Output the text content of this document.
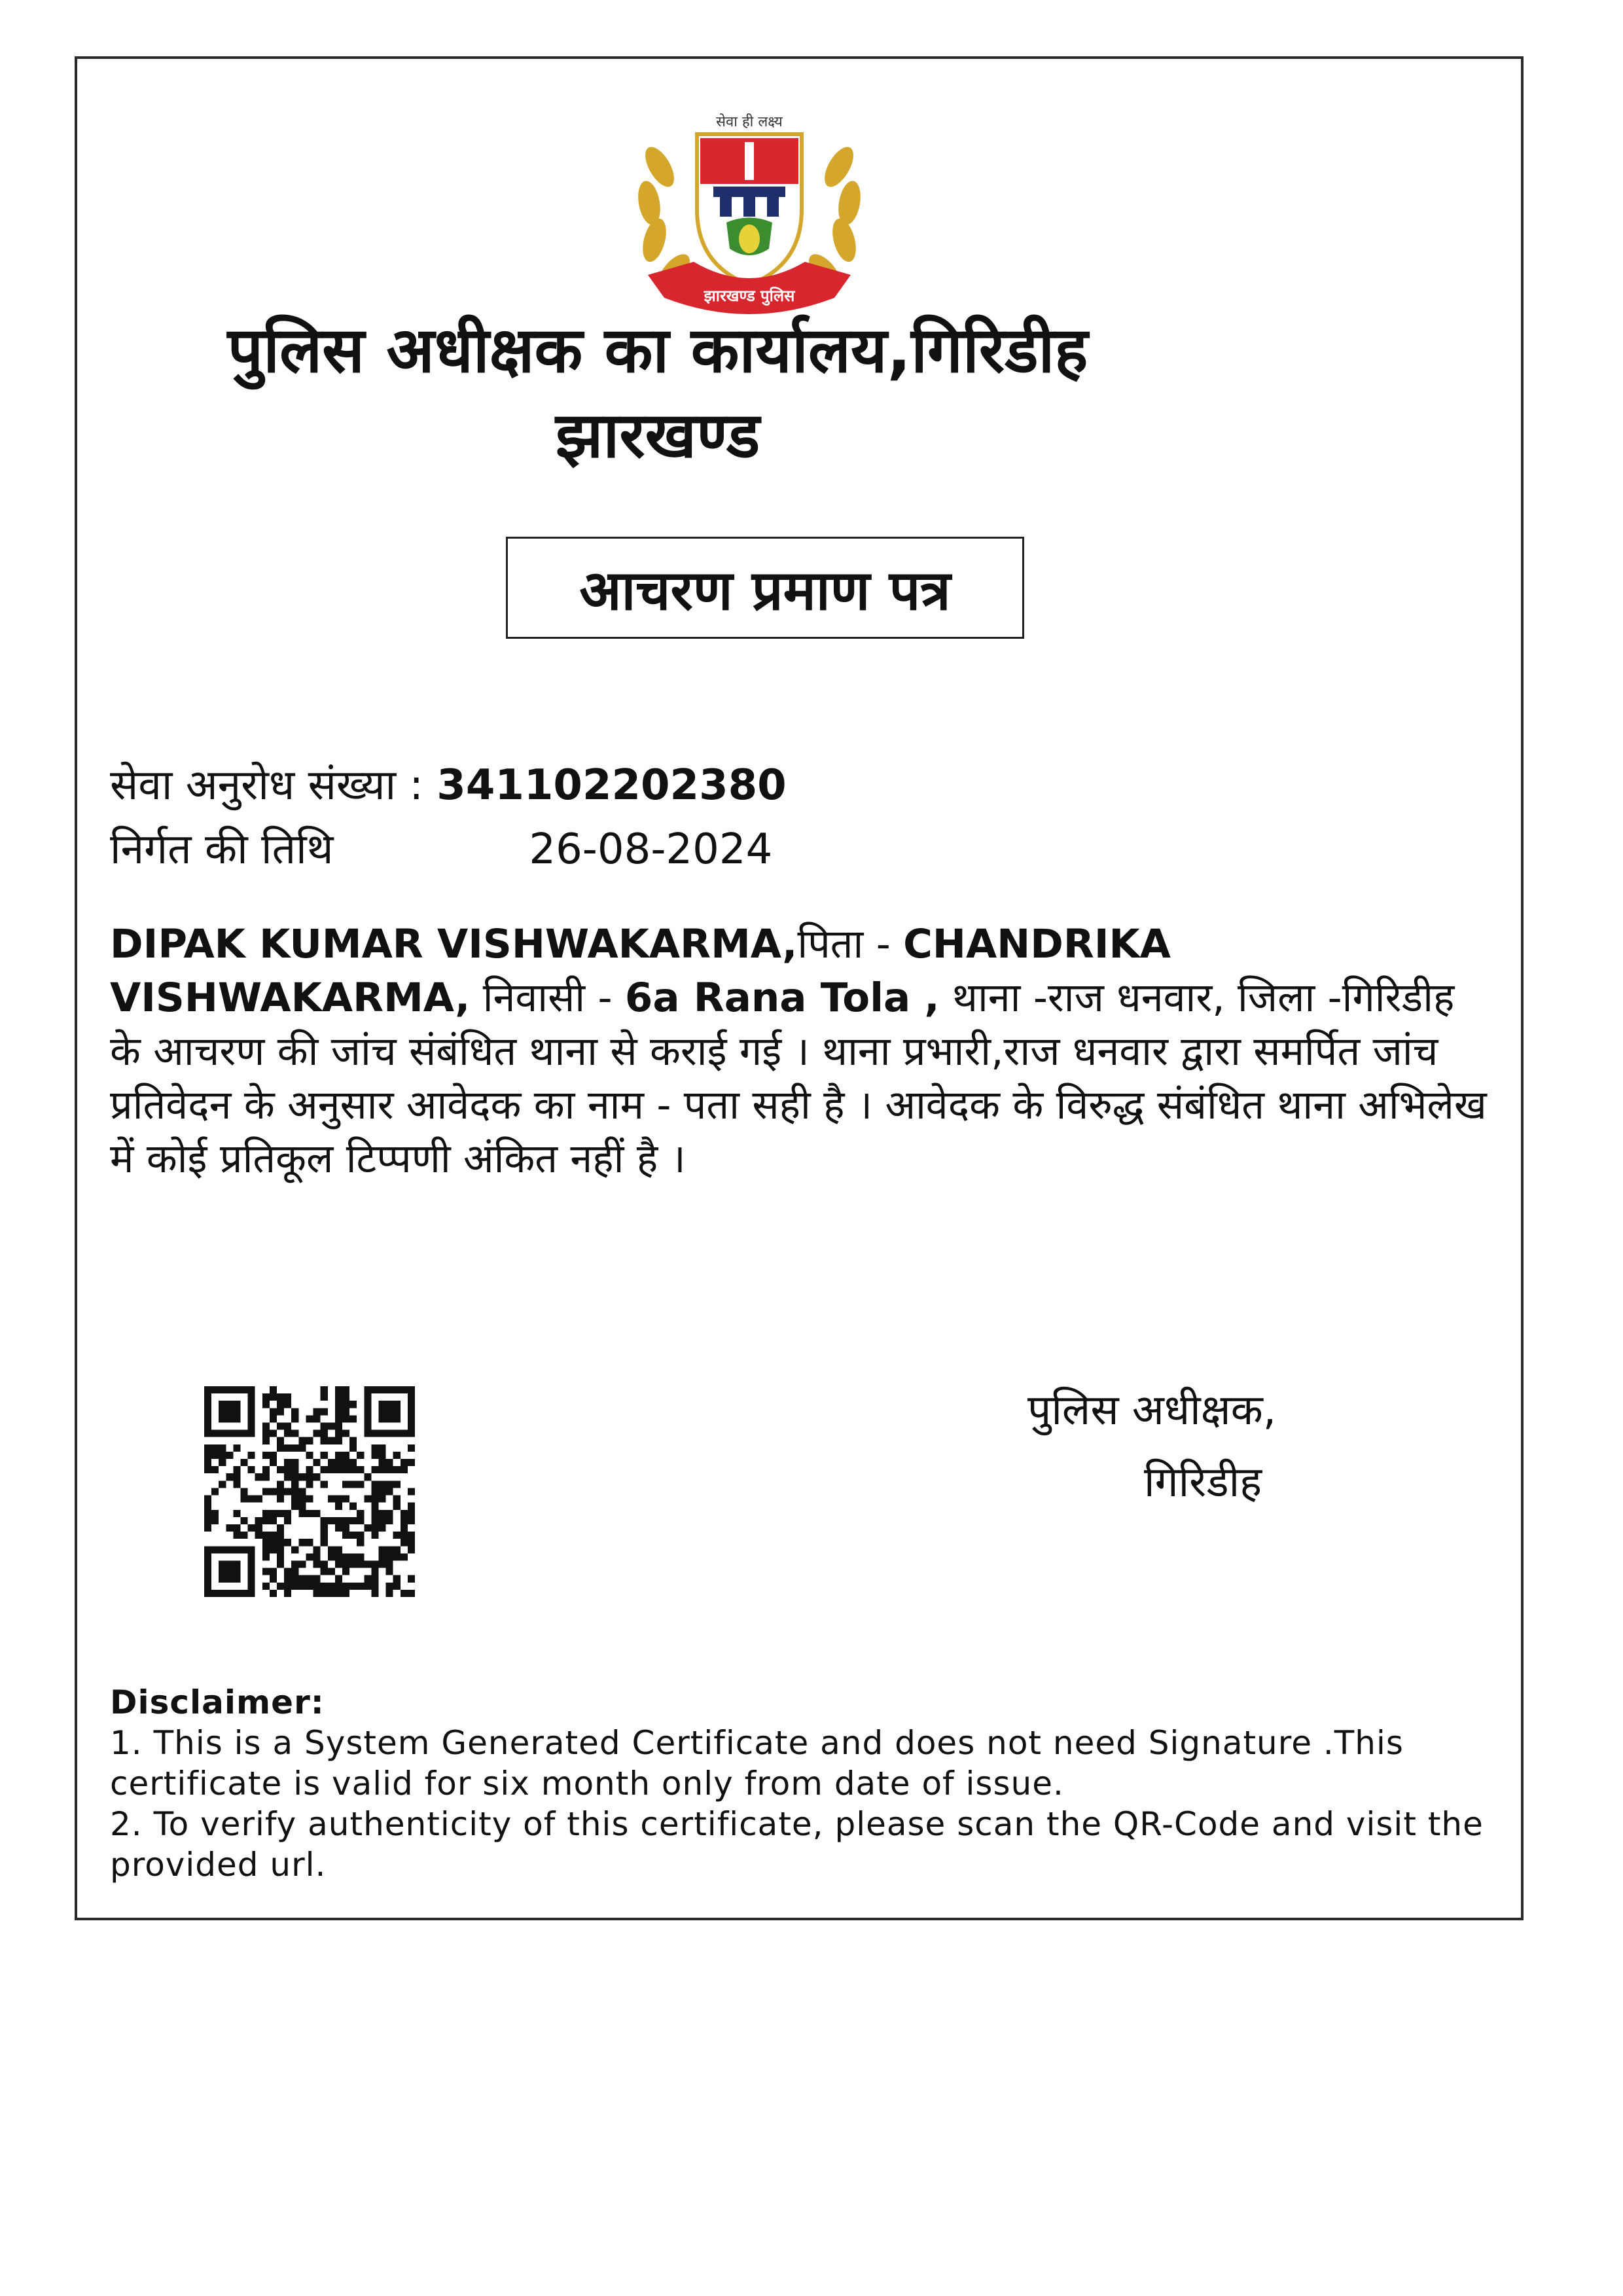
सेवा ही लक्ष्य
झारखण्ड पुलिस
पुलिस अधीक्षक का कार्यालय,गिरिडीह
झारखण्ड
आचरण प्रमाण पत्र
सेवा अनुरोध संख्या : 341102202380
निर्गत की तिथि	26-08-2024
DIPAK KUMAR VISHWAKARMA,पिता - CHANDRIKA VISHWAKARMA, निवासी - 6a Rana Tola , थाना -राज धनवार, जिला -गिरिडीह के आचरण की जांच संबंधित थाना से कराई गई । थाना प्रभारी,राज धनवार द्वारा समर्पित जांच प्रतिवेदन के अनुसार आवेदक का नाम - पता सही है । आवेदक के विरुद्ध संबंधित थाना अभिलेख में कोई प्रतिकूल टिप्पणी अंकित नहीं है ।
पुलिस अधीक्षक,
गिरिडीह
Disclaimer:
1. This is a System Generated Certificate and does not need Signature .This certificate is valid for six month only from date of issue.
2. To verify authenticity of this certificate, please scan the QR-Code and visit the provided url.
